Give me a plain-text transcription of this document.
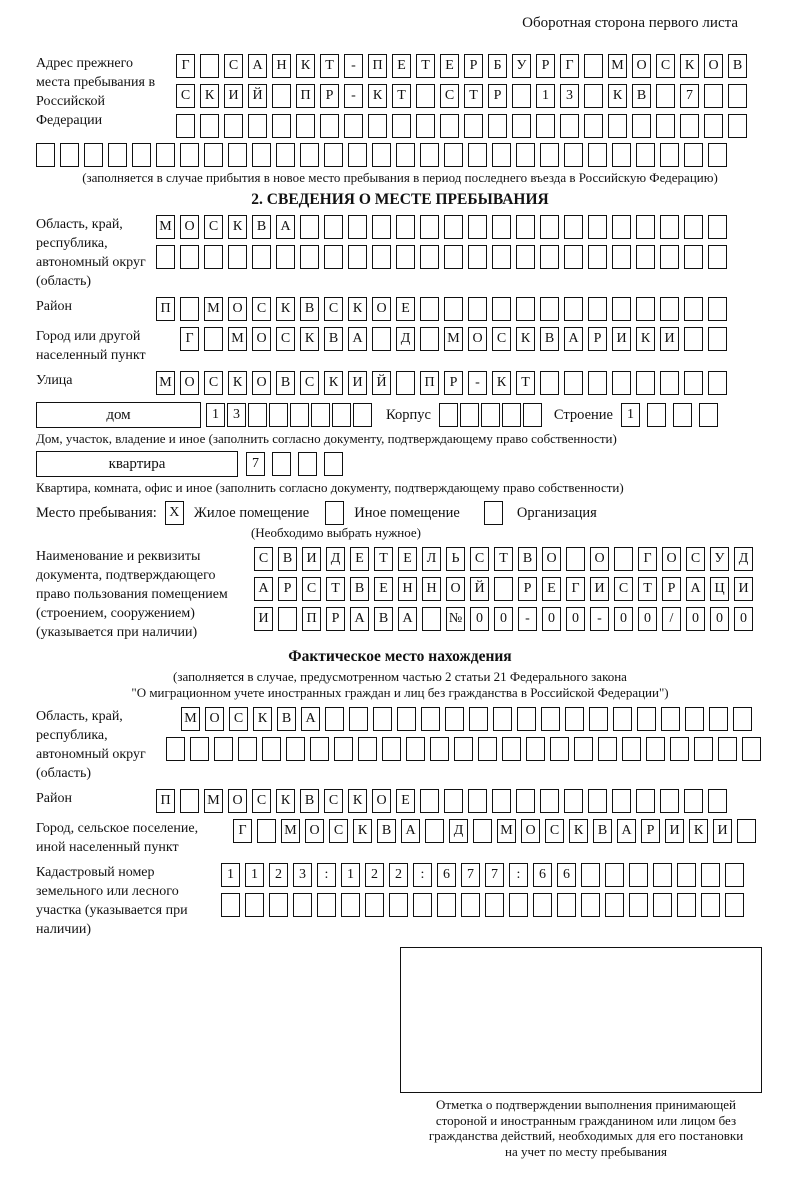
Оборотная сторона первого листа
Адрес прежнего места пребывания в Российской Федерации
Г	С	А Н	К	Т	-	П	Е	Т	Е	Р	Б	У	Р	Г	М О	С	К	О	В
С	К	И Й	П	Р	-	К	Т	С	Т	Р	1	3	К	В	7
(заполняется в случае прибытия в новое место пребывания в период последнего въезда в Российскую Федерацию)
2. СВЕДЕНИЯ О МЕСТЕ ПРЕБЫВАНИЯ
Область, край, республика, автономный округ (область)
М О	С	К	В	А
Район	П	М О	С	К	В	С	К	О	Е
Город или другой населенный пункт
Г	М О	С	К	В	А	Д	М О	С	К	В	А	Р	И	К	И
Улица	М О	С	К	О	В	С	К	И Й	П	Р	-	К	Т
дом	1	3	Корпус	Строение	1
Дом, участок, владение и иное (заполнить согласно документу, подтверждающему право собственности)
квартира	7
Квартира, комната, офис и иное (заполнить согласно документу, подтверждающему право собственности)
Место пребывания: X Жилое помещение	Иное помещение	Организация
(Необходимо выбрать нужное)
Наименование и реквизиты документа, подтверждающего право пользования помещением (строением, сооружением) (указывается при наличии)
С	В	И	Д	Е	Т	Е	Л	Ь	С	Т	В	О	О	Г	О	С	У	Д
А	Р	С	Т	В	Е	Н Н О Й	Р	Е	Г	И	С	Т	Р	А Ц И
И	П	Р	А	В	А	№ 0	0	-	0	0	-	0	0	/	0	0	0
Фактическое место нахождения
(заполняется в случае, предусмотренном частью 2 статьи 21 Федерального закона
"О миграционном учете иностранных граждан и лиц без гражданства в Российской Федерации")
Область, край, республика, автономный округ (область)
М О	С	К	В	А
Район	П	М О	С	К	В	С	К	О	Е
Город, сельское поселение, иной населенный пункт
Г	М О	С	К	В	А	Д	М О	С	К	В	А	Р	И	К	И
Кадастровый номер земельного или лесного участка (указывается при наличии)
1	1	2	3	:	1	2	2	:	6	7	7	:	6	6
Отметка о подтверждении выполнения принимающей
стороной и иностранным гражданином или лицом без
гражданства действий, необходимых для его постановки
на учет по месту пребывания
